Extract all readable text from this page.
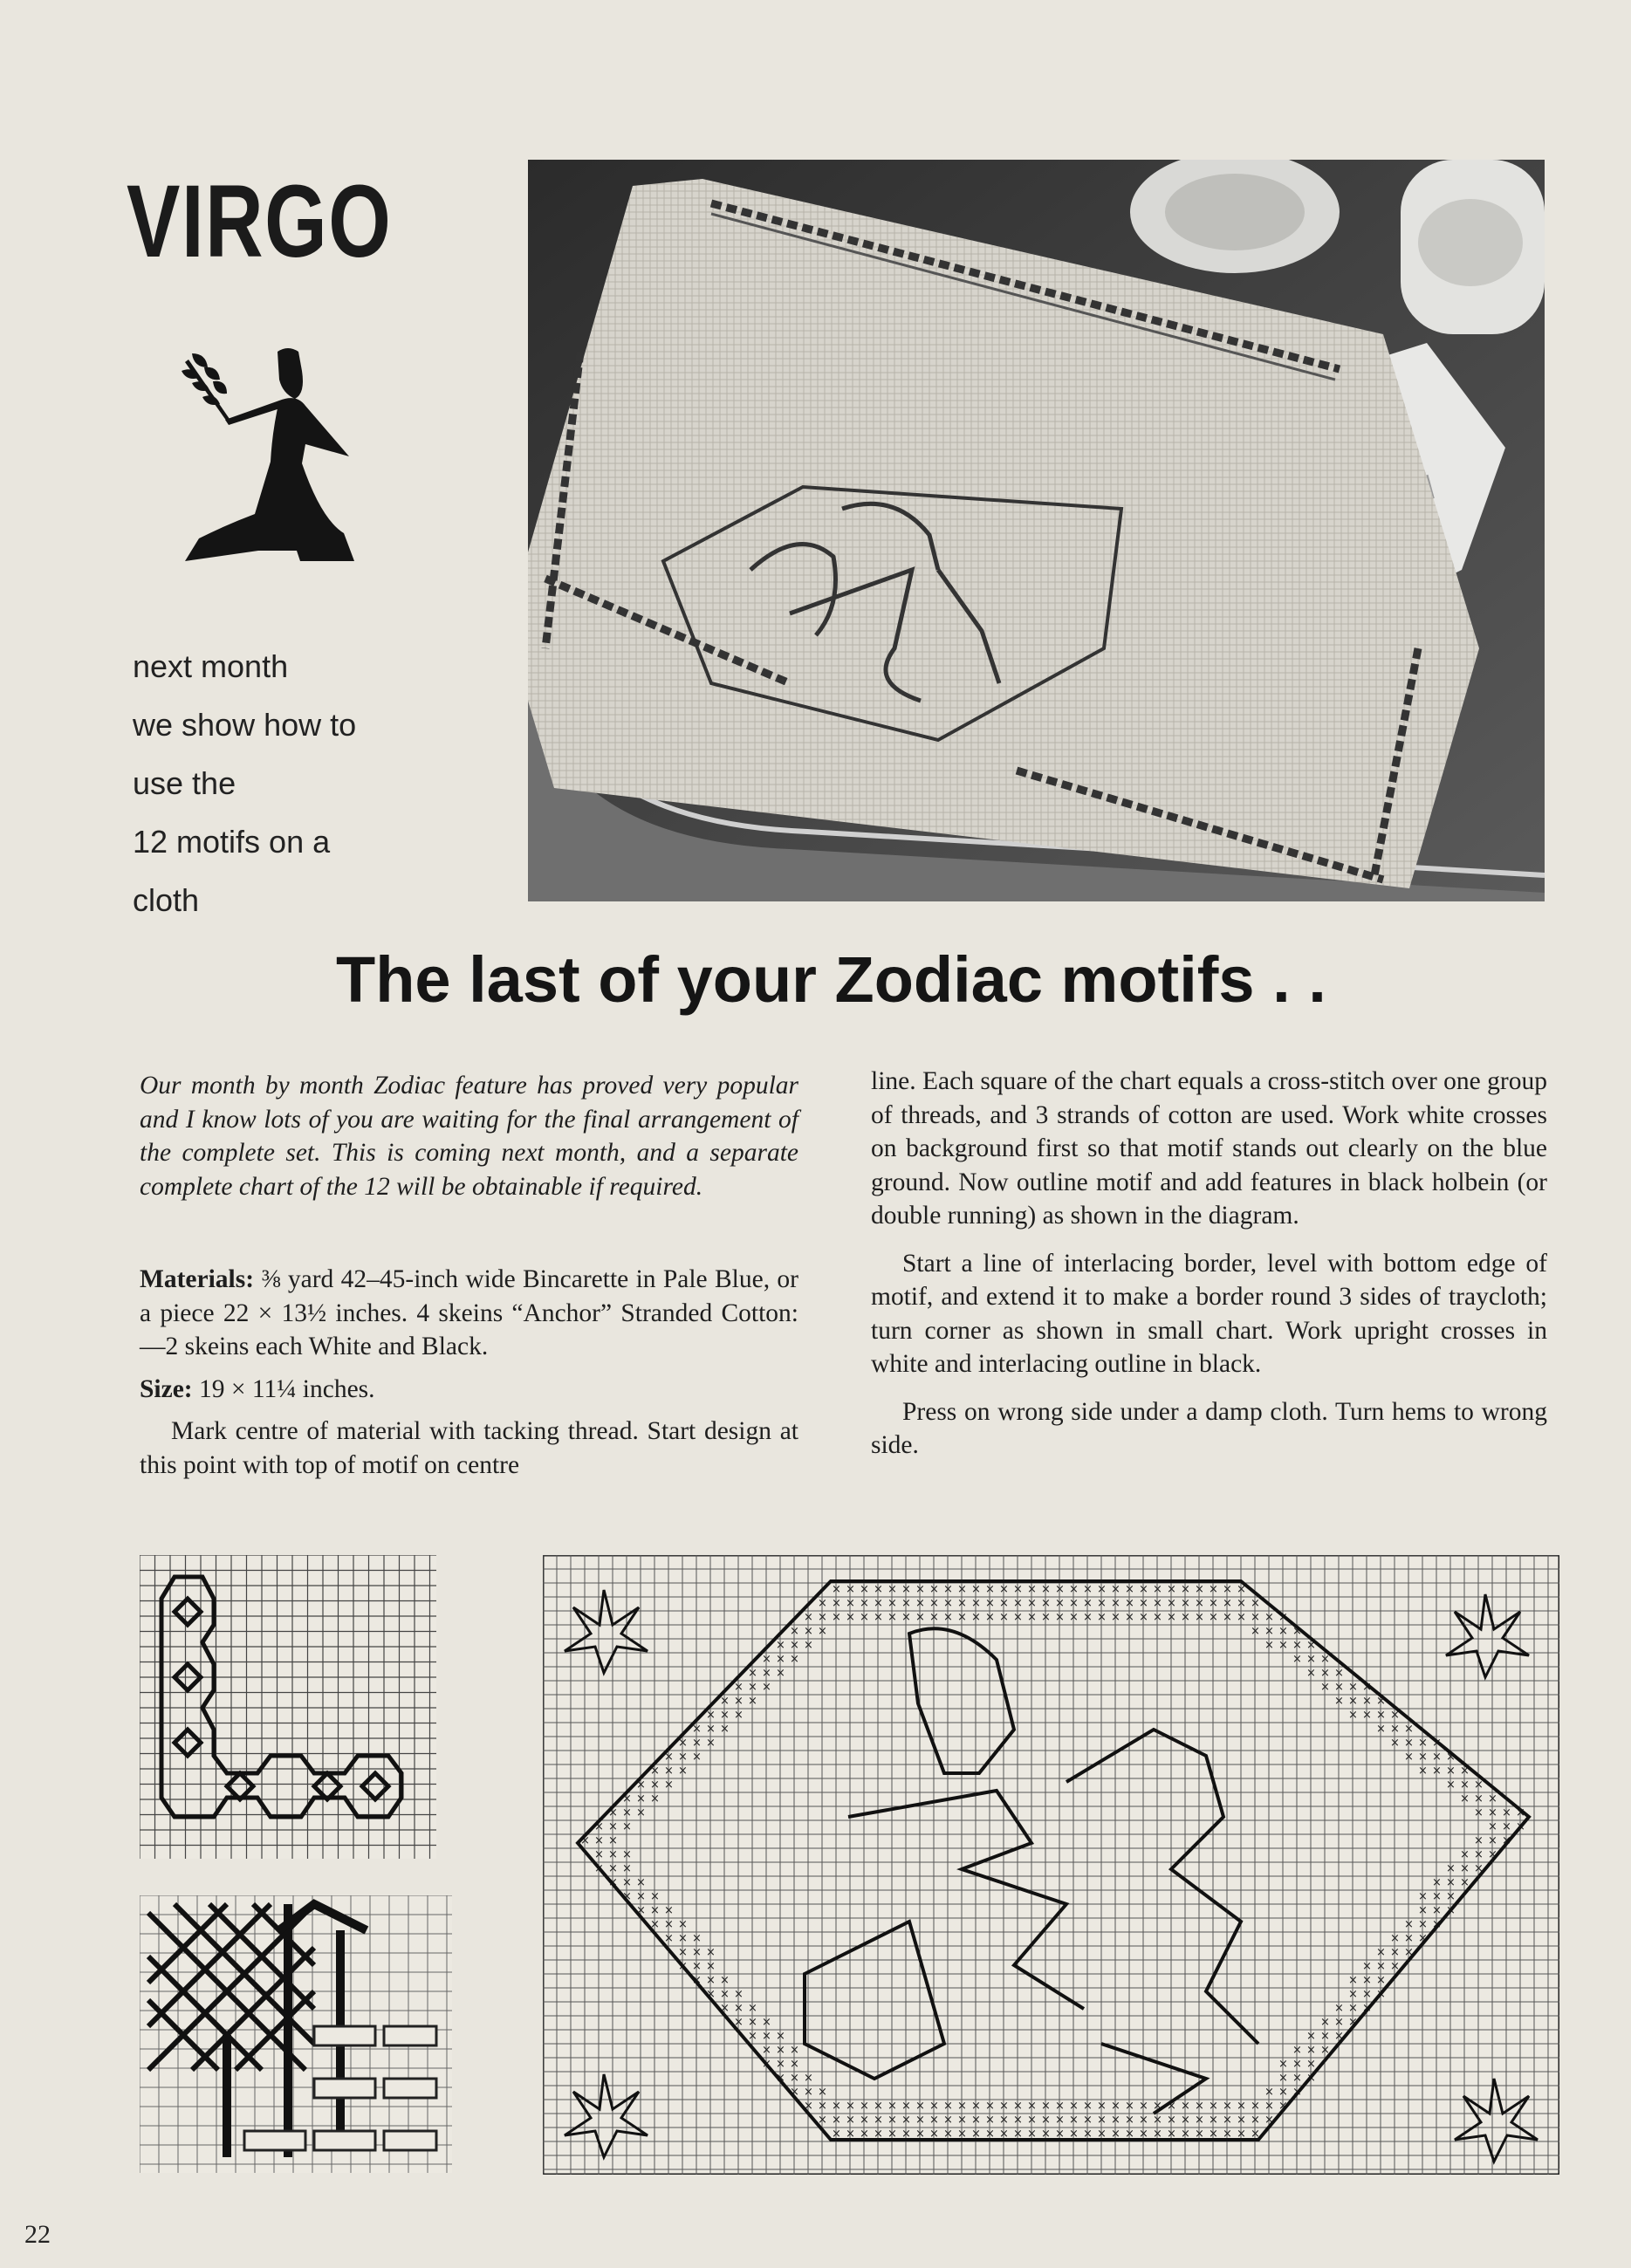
VIRGO
next month
we show how to
use the
12 motifs on a
cloth
The last of your Zodiac motifs . .

Our month by month Zodiac feature has proved very popular and I know lots of you are waiting for the final arrangement of the complete set. This is coming next month, and a separate complete chart of the 12 will be obtainable if required.

Materials: ⅜ yard 42–45-inch wide Bincarette in Pale Blue, or a piece 22 × 13½ inches. 4 skeins “Anchor” Stranded Cotton:—2 skeins each White and Black.

Size: 19 × 11¼ inches.

Mark centre of material with tacking thread. Start design at this point with top of motif on centre

line. Each square of the chart equals a cross-stitch over one group of threads, and 3 strands of cotton are used. Work white crosses on background first so that motif stands out clearly on the blue ground. Now outline motif and add features in black holbein (or double running) as shown in the diagram.

Start a line of interlacing border, level with bottom edge of motif, and extend it to make a border round 3 sides of traycloth; turn corner as shown in small chart. Work upright crosses in white and interlacing outline in black.

Press on wrong side under a damp cloth. Turn hems to wrong side.

×
×
×
×
×
×
×
×
×
×
×
×
×
×
×
×
×
×
×
×
×
×
×
×
×
×
×
×
×
×
×
×
×
×
×
×
×
×
×
×
×
×
×
×
×
×
×
×
×
×
×
×
×
×
×
×
×
×
×
×
×
×
×
×
×
×
×
×
×
×
×
×
×
×
×
×
×
×
×
×
×
×
×
×
×
×
×
×
×
×
×
×
×
×
×
×
×
×
×
×
×
×
×
×
×
×
×
×
×
×
×
×
×
×
×
×
×
×
×
×
×
×
×
×
×
×
×
×
×
×
×
×
×
×
×
×
×
×
×
×
×
×
×
×
×
×
×
×
×
×
×
×
×
×
×
×
×
×
×
×
×
×
×
×
×
×
×
×
×
×
×
×
×
×
×
×
×
×
×
×
×
×
×
×
×
×
×
×
×
×
×
×
×
×
×
×
×
×
×
×
×
×
×
×
×
×
×
×
×
×
×
×
×
×
×
×
×
×
×
×
×
×
×
×
×
×
×
×
×
×
×
×
×
×
×
×
×
×
×
×
×
×
×
×
×
×
×
×
×
×
×
×
×
×
×
×
×
×
×
×
×
×
×
×
×
×
×
×
×
×
×
×
×
×
×
×
×
×
×
×
×
×
×
×
×
×
×
×
×
×
×
×
×
×
×
×
×
×
×
×
×
×
×
×
×
×
×
×
×
×
×
×
×
×
×
×
×
×
×
×
×
×
×
×
×
×
×
×
×
×
×
×
×
×
×
×
×
×
×
×
×
×
×
×
×
×
×
×
×
×
×
×
×
×
×
×
×
×
×
×
×
×
×
×
×
×
×
×
×
×
×
×
×
×
×
×
×
×
×
×
×
×
×
×
×
×
×
×
×
×
×
×
×
×
×
×
×
×
×
×
×
×
×
×
×
×
×
×
×
22
